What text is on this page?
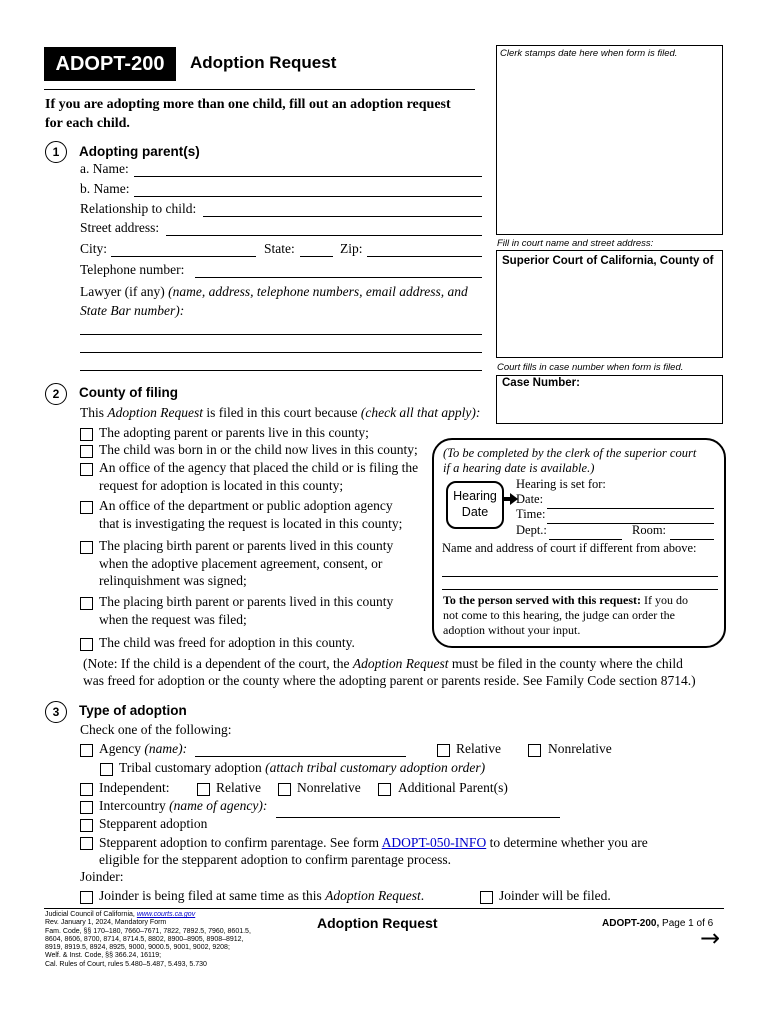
ADOPT-200	Adoption Request
If you are adopting more than one child, fill out an adoption request for each child.
Clerk stamps date here when form is filed.
Fill in court name and street address:
Superior Court of California, County of
Court fills in case number when form is filed.
Case Number:
1	Adopting parent(s)
a. Name:
b. Name:
Relationship to child:
Street address:
City:	State:	Zip:
Telephone number:
Lawyer (if any) (name, address, telephone numbers, email address, and State Bar number):
2	County of filing
This Adoption Request is filed in this court because (check all that apply):
The adopting parent or parents live in this county;
The child was born in or the child now lives in this county;
An office of the agency that placed the child or is filing the
request for adoption is located in this county;
An office of the department or public adoption agency
that is investigating the request is located in this county;
The placing birth parent or parents lived in this county
when the adoptive placement agreement, consent, or
relinquishment was signed;
The placing birth parent or parents lived in this county
when the request was filed;
The child was freed for adoption in this county.
(Note: If the child is a dependent of the court, the Adoption Request must be filed in the county where the child
was freed for adoption or the county where the adopting parent or parents reside. See Family Code section 8714.)
(To be completed by the clerk of the superior court
if a hearing date is available.)
Hearing
Date
Hearing is set for:
Date:
Time:
Dept.:	Room:
Name and address of court if different from above:
To the person served with this request: If you do
not come to this hearing, the judge can order the
adoption without your input.
3	Type of adoption
Check one of the following:
Agency (name):	Relative	Nonrelative
Tribal customary adoption (attach tribal customary adoption order)
Independent:	Relative	Nonrelative	Additional Parent(s)
Intercountry (name of agency):
Stepparent adoption
Stepparent adoption to confirm parentage. See form ADOPT-050-INFO to determine whether you are
eligible for the stepparent adoption to confirm parentage process.
Joinder:
Joinder is being filed at same time as this Adoption Request.	Joinder will be filed.
Judicial Council of California, www.courts.ca.gov
Rev. January 1, 2024, Mandatory Form
Fam. Code, §§ 170–180, 7660–7671, 7822, 7892.5, 7960, 8601.5,
8604, 8606, 8700, 8714, 8714.5, 8802, 8900–8905, 8908–8912,
8919, 8919.5, 8924, 8925, 9000, 9000.5, 9001, 9002, 9208;
Welf. & Inst. Code, §§ 366.24, 16119;
Cal. Rules of Court, rules 5.480–5.487, 5.493, 5.730
Adoption Request	ADOPT-200, Page 1 of 6
→
